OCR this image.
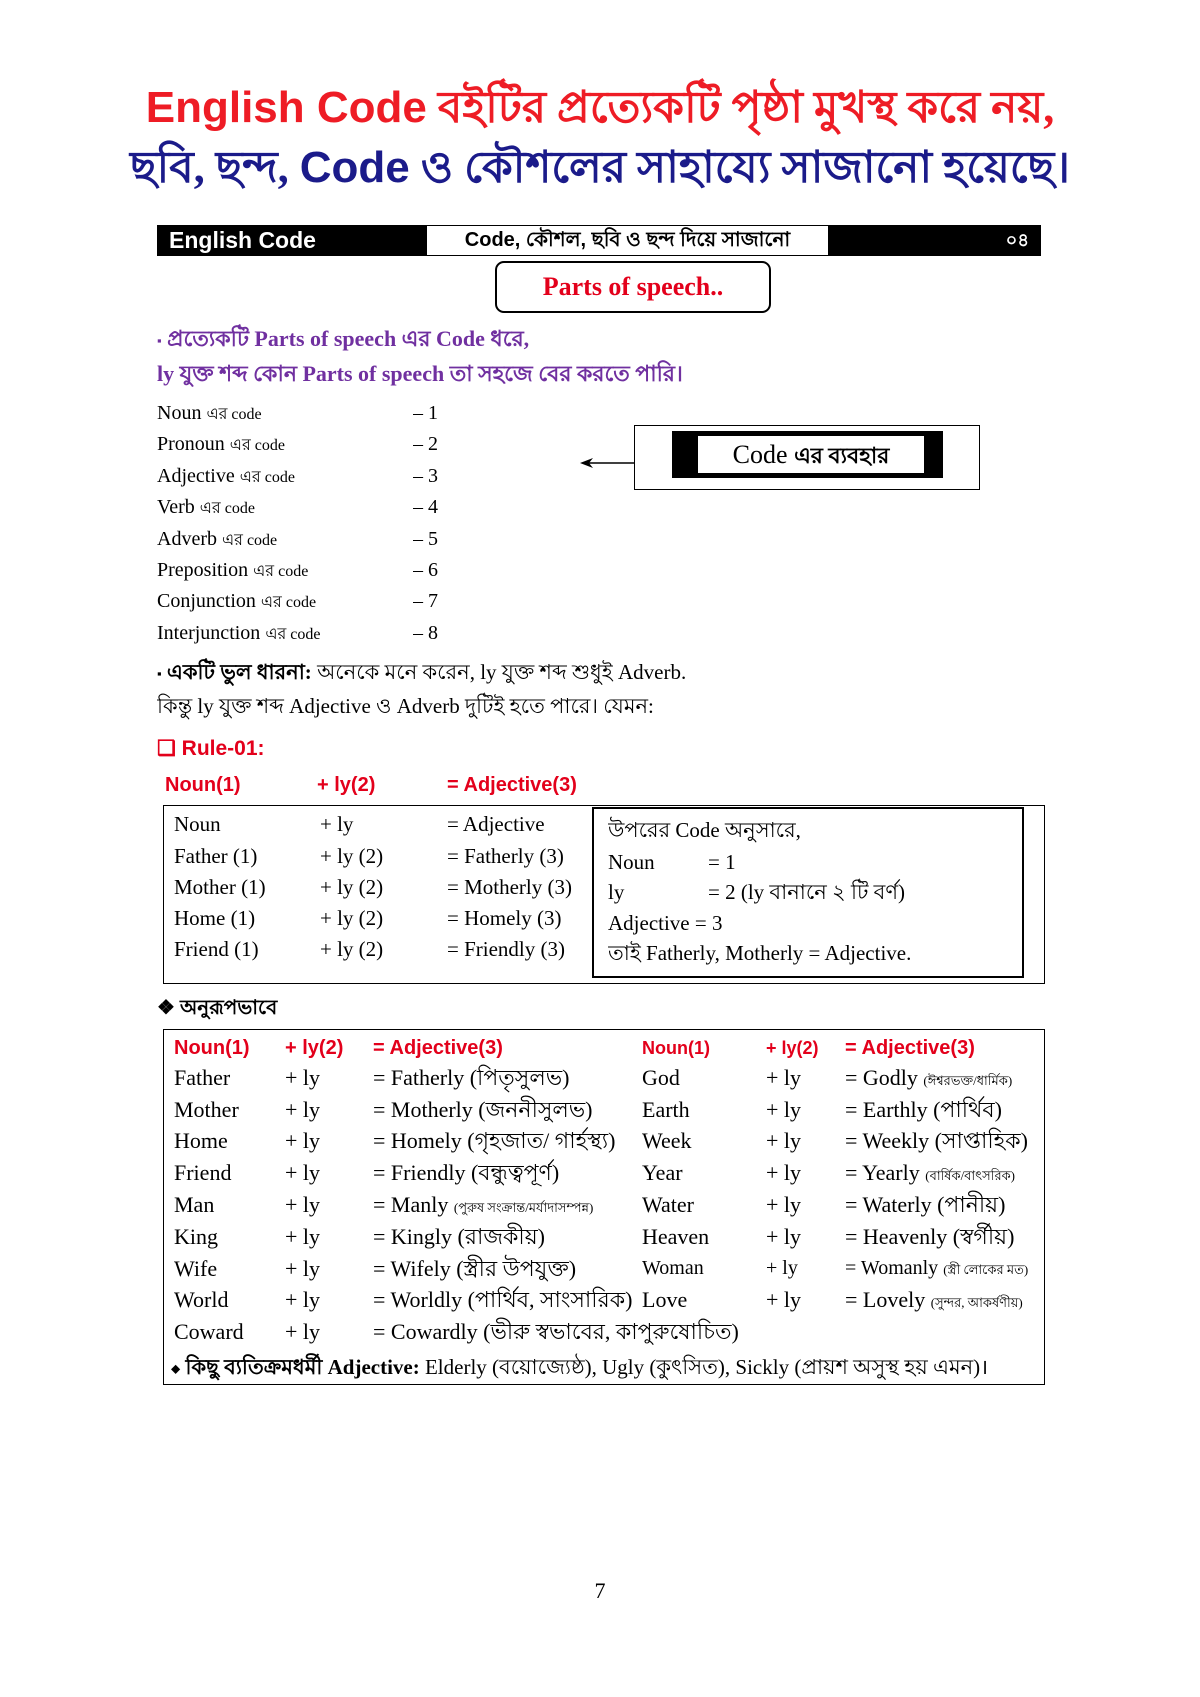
English Code বইটির প্রত্যেকটি পৃষ্ঠা মুখস্থ করে নয়,
ছবি, ছন্দ, Code ও কৌশলের সাহায্যে সাজানো হয়েছে।
English Code	Code, কৌশল, ছবি ও ছন্দ দিয়ে সাজানো	০৪
Parts of speech..
▪ প্রত্যেকটি Parts of speech এর Code ধরে,
ly যুক্ত শব্দ কোন Parts of speech তা সহজে বের করতে পারি।
Noun এর code	– 1
Pronoun এর code	– 2
Adjective এর code	– 3
Verb এর code	– 4
Adverb এর code	– 5
Preposition এর code	– 6
Conjunction এর code	– 7
Interjunction এর code	– 8
Code এর ব্যবহার
▪ একটি ভুল ধারনা: অনেকে মনে করেন, ly যুক্ত শব্দ শুধুই Adverb.
কিন্তু ly যুক্ত শব্দ Adjective ও Adverb দুটিই হতে পারে। যেমন:
❑ Rule-01:
Noun(1)	+ ly(2)	= Adjective(3)
Noun	+ ly	= Adjective
Father (1)	+ ly (2)	= Fatherly (3)
Mother (1)	+ ly (2)	= Motherly (3)
Home (1)	+ ly (2)	= Homely (3)
Friend (1)	+ ly (2)	= Friendly (3)
উপরের Code অনুসারে,
Noun	= 1
ly	= 2 (ly বানানে ২ টি বর্ণ)
Adjective = 3
তাই Fatherly, Motherly = Adjective.
❖ অনুরূপভাবে
Noun(1) + ly(2) = Adjective(3)	Noun(1)	+ ly(2) = Adjective(3)
Father	+ ly	= Fatherly (পিতৃসুলভ)	God	+ ly	= Godly (ঈশ্বরভক্ত/ধার্মিক)
Mother	+ ly	= Motherly (জননীসুলভ)	Earth	+ ly	= Earthly (পার্থিব)
Home	+ ly	= Homely (গৃহজাত/ গার্হস্থ্য)	Week	+ ly	= Weekly (সাপ্তাহিক)
Friend	+ ly	= Friendly (বন্ধুত্বপূর্ণ)	Year	+ ly	= Yearly (বার্ষিক/বাৎসরিক)
Man	+ ly	= Manly (পুরুষ সংক্রান্ত/মর্যাদাসম্পন্ন)	Water	+ ly	= Waterly (পানীয়)
King	+ ly	= Kingly (রাজকীয়)	Heaven	+ ly	= Heavenly (স্বর্গীয়)
Wife	+ ly	= Wifely (স্ত্রীর উপযুক্ত)	Woman	+ ly	= Womanly (স্ত্রী লোকের মত)
World	+ ly	= Worldly (পার্থিব, সাংসারিক) Love	+ ly	= Lovely (সুন্দর, আকর্ষণীয়)
Coward	+ ly	= Cowardly (ভীরু স্বভাবের, কাপুরুষোচিত)
◆ কিছু ব্যতিক্রমধর্মী Adjective: Elderly (বয়োজ্যেষ্ঠ), Ugly (কুৎসিত), Sickly (প্রায়শ অসুস্থ হয় এমন)।
7
